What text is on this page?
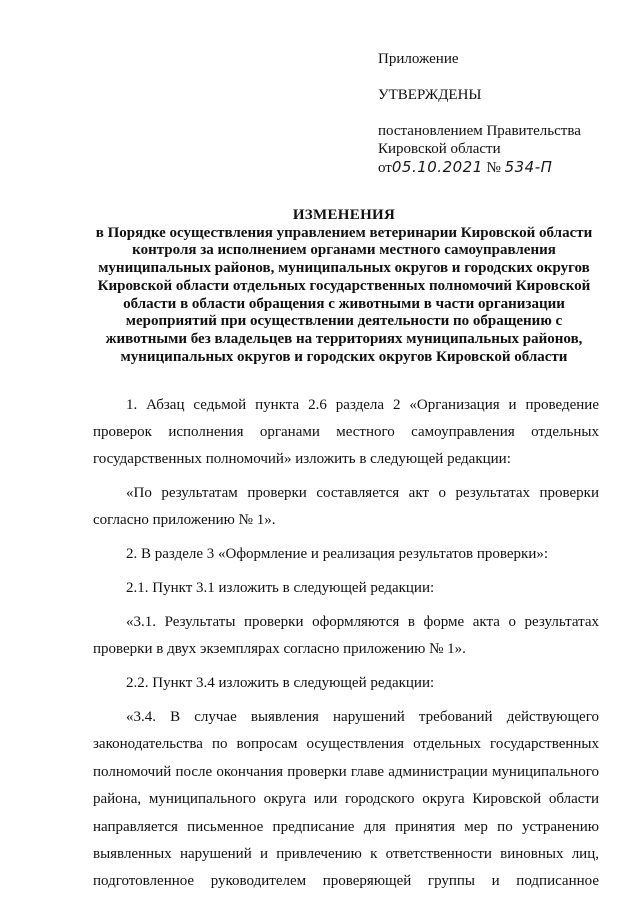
Приложение
УТВЕРЖДЕНЫ
постановлением Правительства
Кировской области
от05.10.2021 № 534-П
ИЗМЕНЕНИЯ
в Порядке осуществления управлением ветеринарии Кировской области
контроля за исполнением органами местного самоуправления
муниципальных районов, муниципальных округов и городских округов
Кировской области отдельных государственных полномочий Кировской
области в области обращения с животными в части организации
мероприятий при осуществлении деятельности по обращению с
животными без владельцев на территориях муниципальных районов,
муниципальных округов и городских округов Кировской области

1. Абзац седьмой пункта 2.6 раздела 2 «Организация и проведение проверок исполнения органами местного самоуправления отдельных государственных полномочий» изложить в следующей редакции:

«По результатам проверки составляется акт о результатах проверки согласно приложению № 1».

2. В разделе 3 «Оформление и реализация результатов проверки»:

2.1. Пункт 3.1 изложить в следующей редакции:

«3.1. Результаты проверки оформляются в форме акта о результатах проверки в двух экземплярах согласно приложению № 1».

2.2. Пункт 3.4 изложить в следующей редакции:

«3.4. В случае выявления нарушений требований действующего законодательства по вопросам осуществления отдельных государственных полномочий после окончания проверки главе администрации муниципального района, муниципального округа или городского округа Кировской области направляется письменное предписание для принятия мер по устранению выявленных нарушений и привлечению к ответственности виновных лиц, подготовленное руководителем проверяющей группы и подписанное
